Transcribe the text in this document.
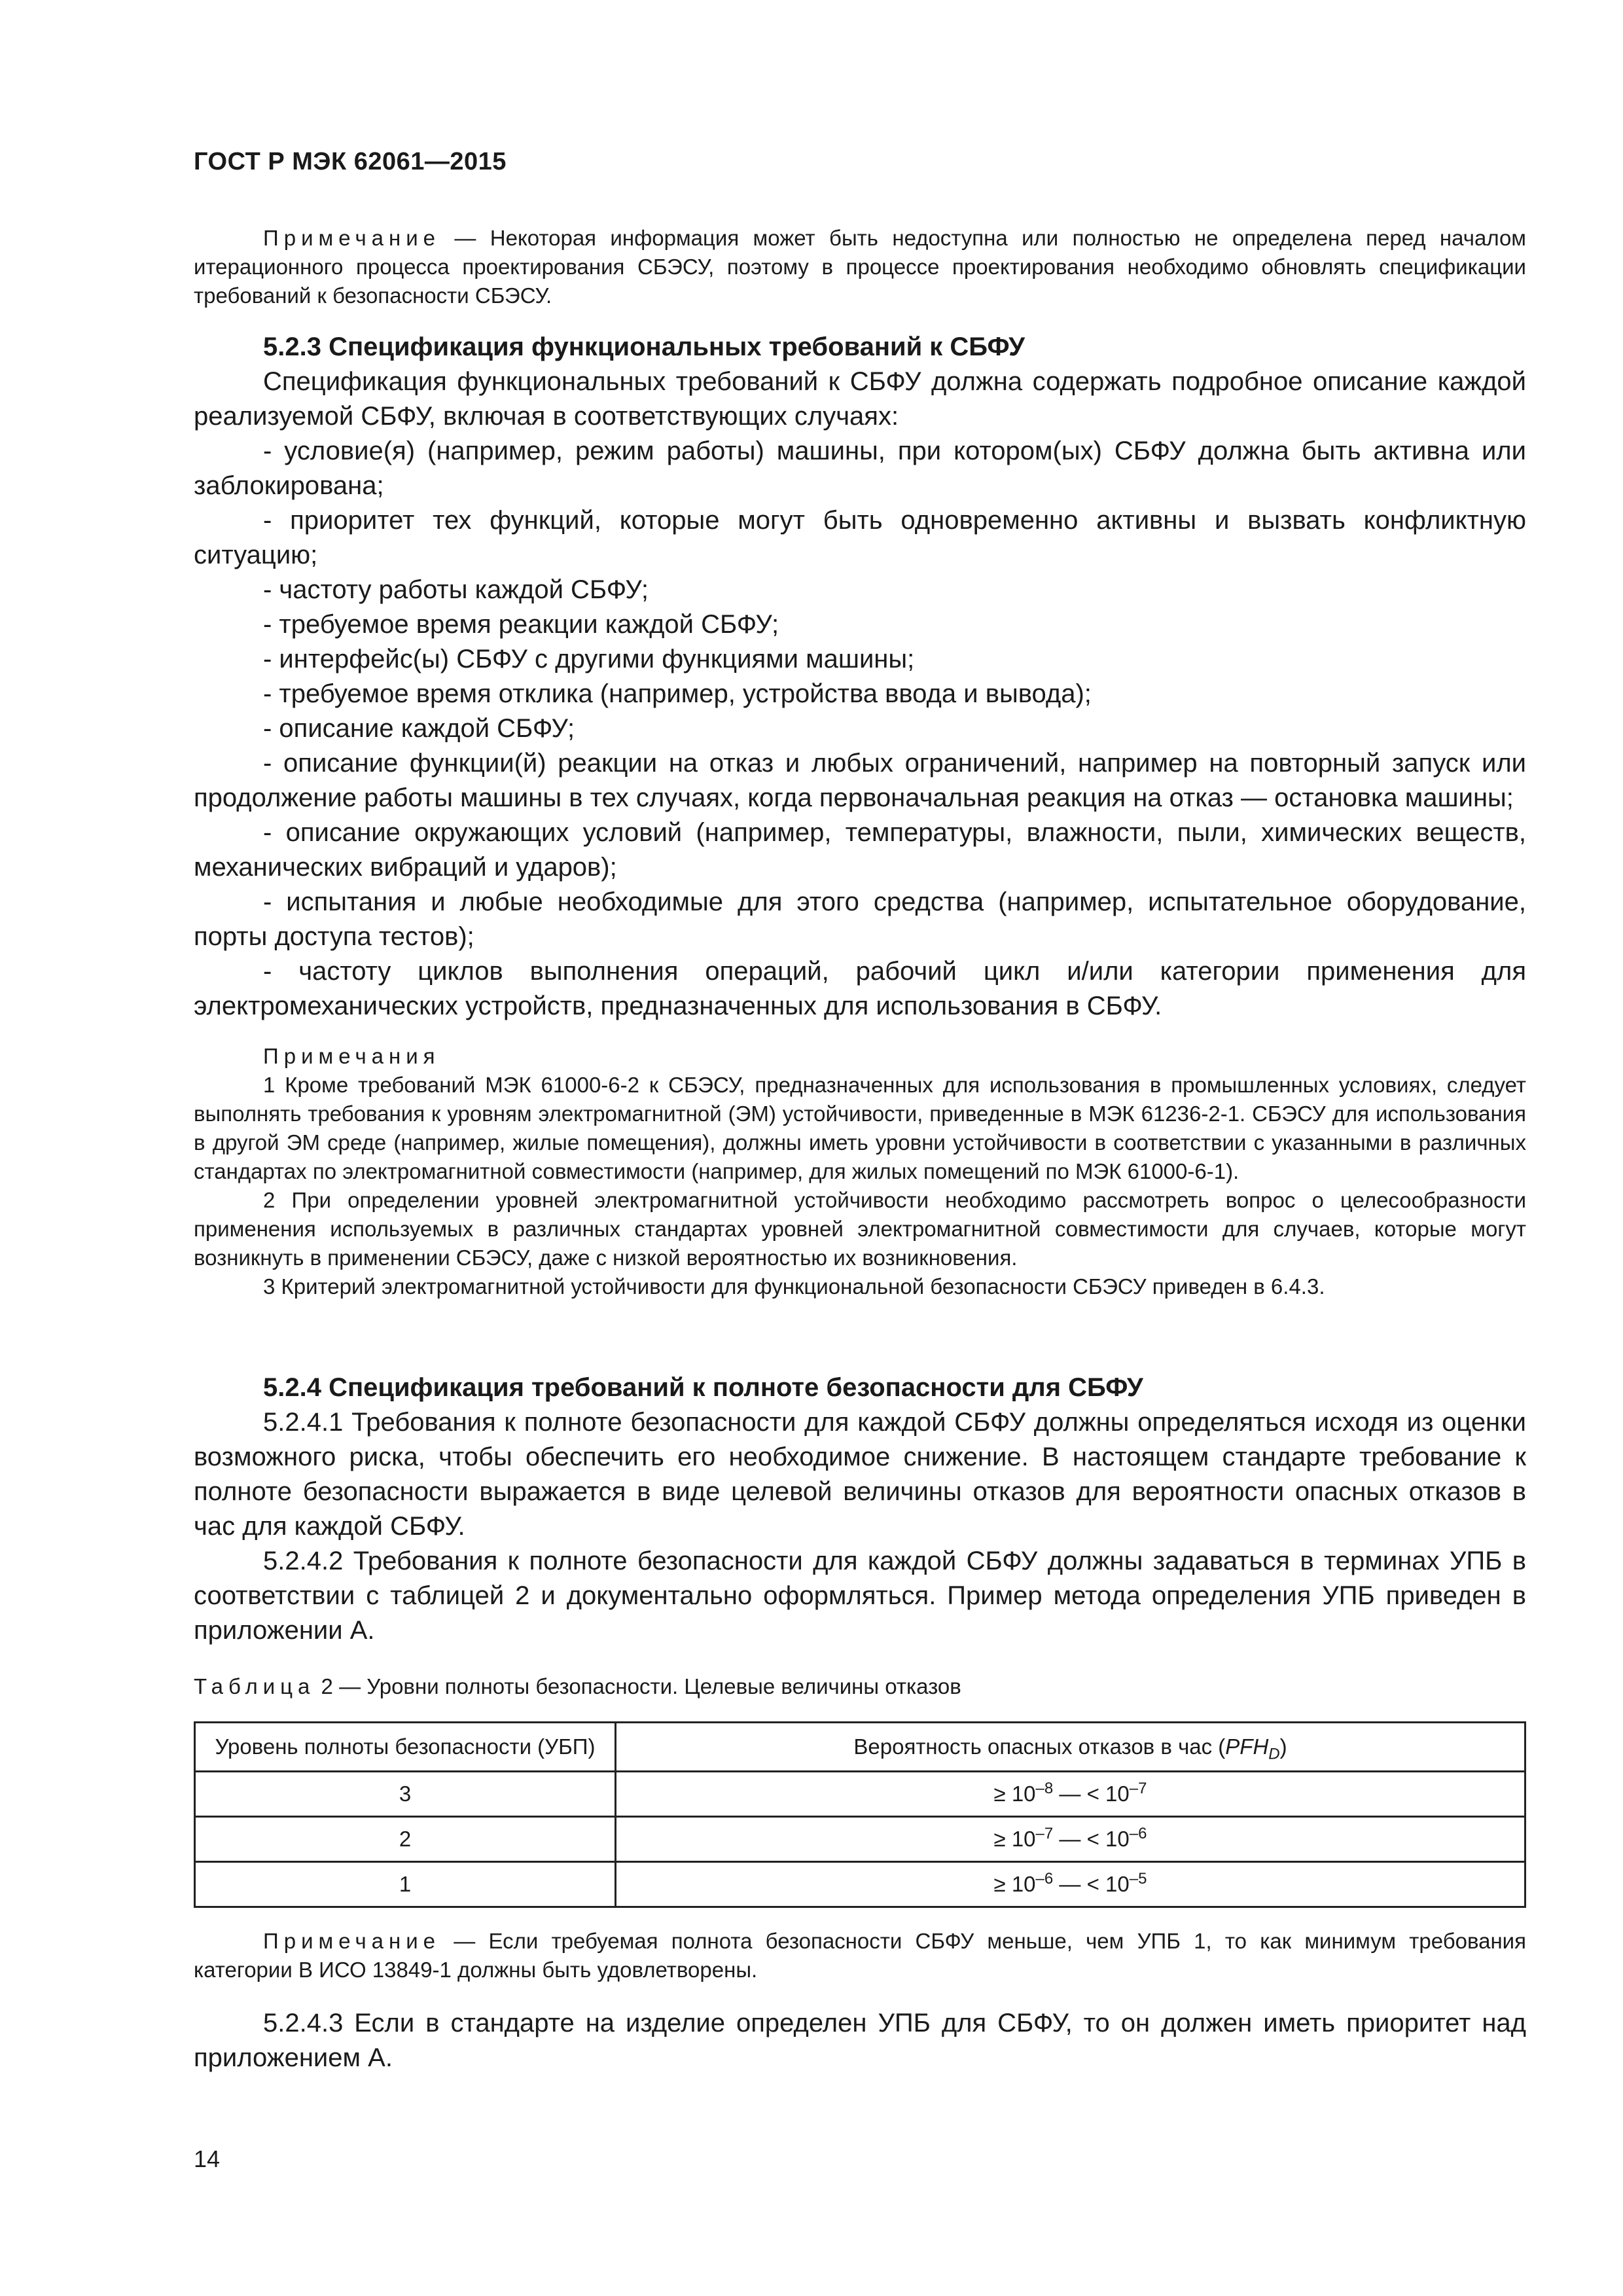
ГОСТ Р МЭК 62061—2015

Примечание — Некоторая информация может быть недоступна или полностью не определена перед началом итерационного процесса проектирования СБЭСУ, поэтому в процессе проектирования необходимо обновлять спецификации требований к безопасности СБЭСУ.

5.2.3 Спецификация функциональных требований к СБФУ

Спецификация функциональных требований к СБФУ должна содержать подробное описание каждой реализуемой СБФУ, включая в соответствующих случаях:

- условие(я) (например, режим работы) машины, при котором(ых) СБФУ должна быть активна или заблокирована;

- приоритет тех функций, которые могут быть одновременно активны и вызвать конфликтную ситуацию;

- частоту работы каждой СБФУ;

- требуемое время реакции каждой СБФУ;

- интерфейс(ы) СБФУ с другими функциями машины;

- требуемое время отклика (например, устройства ввода и вывода);

- описание каждой СБФУ;

- описание функции(й) реакции на отказ и любых ограничений, например на повторный запуск или продолжение работы машины в тех случаях, когда первоначальная реакция на отказ — остановка машины;

- описание окружающих условий (например, температуры, влажности, пыли, химических веществ, механических вибраций и ударов);

- испытания и любые необходимые для этого средства (например, испытательное оборудование, порты доступа тестов);

- частоту циклов выполнения операций, рабочий цикл и/или категории применения для электромеханических устройств, предназначенных для использования в СБФУ.

Примечания

1 Кроме требований МЭК 61000-6-2 к СБЭСУ, предназначенных для использования в промышленных условиях, следует выполнять требования к уровням электромагнитной (ЭМ) устойчивости, приведенные в МЭК 61236-2-1. СБЭСУ для использования в другой ЭМ среде (например, жилые помещения), должны иметь уровни устойчивости в соответствии с указанными в различных стандартах по электромагнитной совместимости (например, для жилых помещений по МЭК 61000-6-1).

2 При определении уровней электромагнитной устойчивости необходимо рассмотреть вопрос о целесообразности применения используемых в различных стандартах уровней электромагнитной совместимости для случаев, которые могут возникнуть в применении СБЭСУ, даже с низкой вероятностью их возникновения.

3 Критерий электромагнитной устойчивости для функциональной безопасности СБЭСУ приведен в 6.4.3.

5.2.4 Спецификация требований к полноте безопасности для СБФУ

5.2.4.1 Требования к полноте безопасности для каждой СБФУ должны определяться исходя из оценки возможного риска, чтобы обеспечить его необходимое снижение. В настоящем стандарте требование к полноте безопасности выражается в виде целевой величины отказов для вероятности опасных отказов в час для каждой СБФУ.

5.2.4.2 Требования к полноте безопасности для каждой СБФУ должны задаваться в терминах УПБ в соответствии с таблицей 2 и документально оформляться. Пример метода определения УПБ приведен в приложении А.

Таблица 2 — Уровни полноты безопасности. Целевые величины отказов

Уровень полноты безопасности (УБП)	Вероятность опасных отказов в час $(PFH_D)$
3	≥ $10^{-8}$ — < $10^{-7}$
2	≥ $10^{-7}$ — < $10^{-6}$
1	≥ $10^{-6}$ — < $10^{-5}$

Примечание — Если требуемая полнота безопасности СБФУ меньше, чем УПБ 1, то как минимум требования категории В ИСО 13849-1 должны быть удовлетворены.

5.2.4.3 Если в стандарте на изделие определен УПБ для СБФУ, то он должен иметь приоритет над приложением А.

14
